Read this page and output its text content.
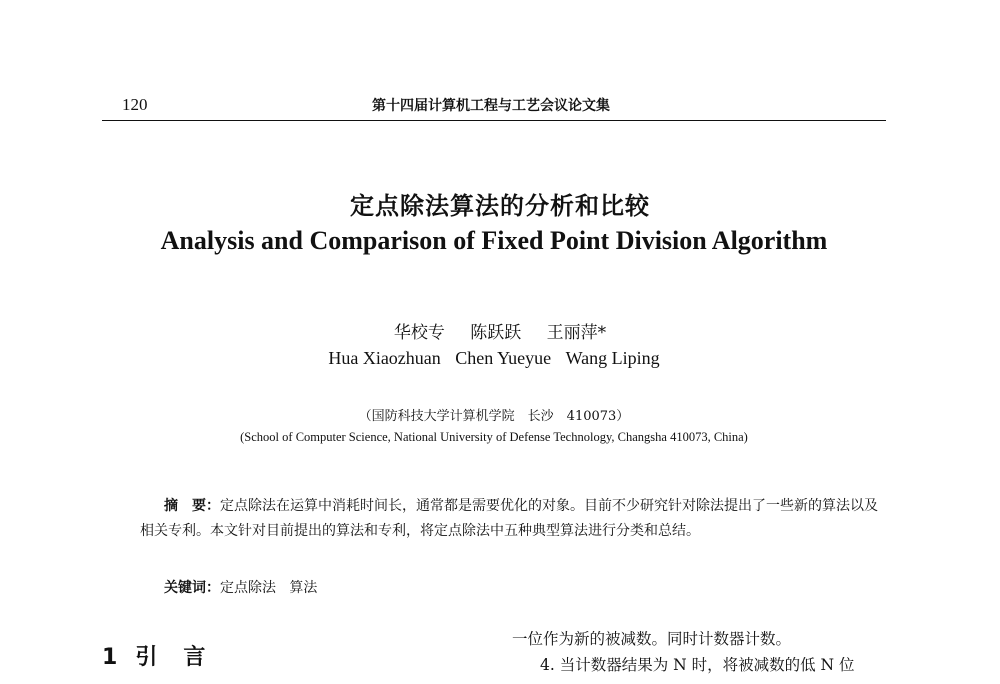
120	第十四届计算机工程与工艺会议论文集
定点除法算法的分析和比较
Analysis and Comparison of Fixed Point Division Algorithm
华校专 陈跃跃 王丽萍*
Hua Xiaozhuan Chen Yueyue Wang Liping
（国防科技大学计算机学院　长沙　410073）
(School of Computer Science, National University of Defense Technology, Changsha 410073, China)
摘　要：定点除法在运算中消耗时间长，通常都是需要优化的对象。目前不少研究针对除法提出了一些新的算法以及相关专利。本文针对目前提出的算法和专利，将定点除法中五种典型算法进行分类和总结。
关键词：定点除法 算法
1 引 言
一位作为新的被减数。同时计数器计数。
4. 当计数器结果为 N 时，将被减数的低 N 位
